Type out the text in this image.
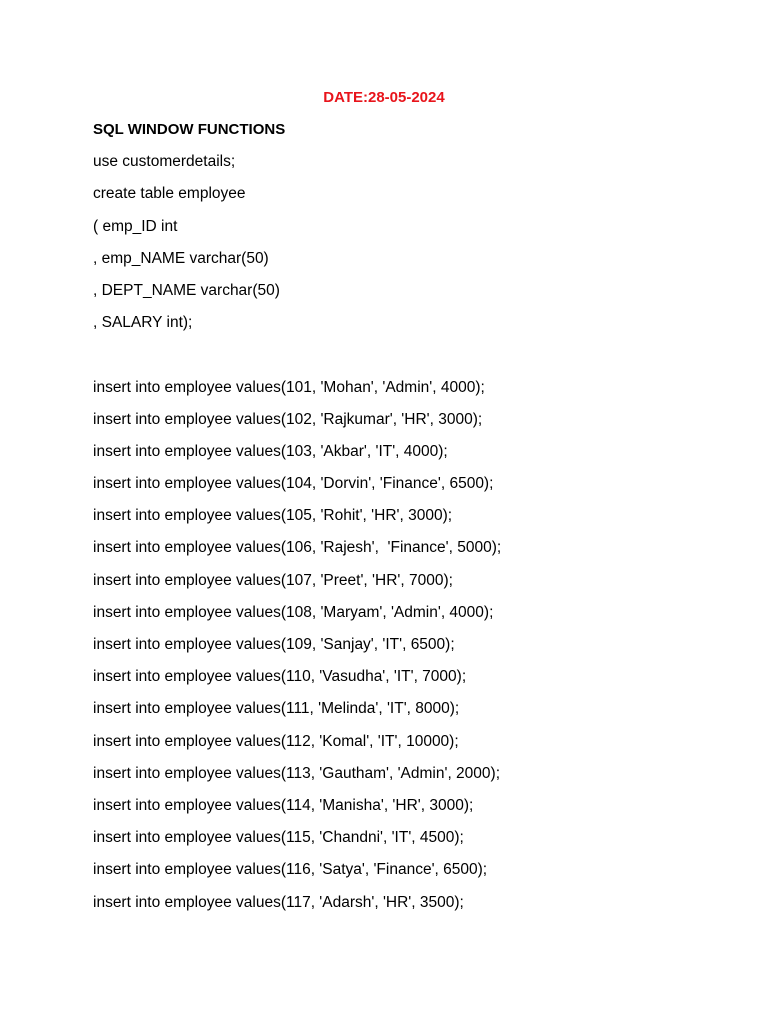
DATE:28-05-2024
SQL WINDOW FUNCTIONS
use customerdetails;
create table employee
( emp_ID int
, emp_NAME varchar(50)
, DEPT_NAME varchar(50)
, SALARY int);
insert into employee values(101, 'Mohan', 'Admin', 4000);
insert into employee values(102, 'Rajkumar', 'HR', 3000);
insert into employee values(103, 'Akbar', 'IT', 4000);
insert into employee values(104, 'Dorvin', 'Finance', 6500);
insert into employee values(105, 'Rohit', 'HR', 3000);
insert into employee values(106, 'Rajesh',  'Finance', 5000);
insert into employee values(107, 'Preet', 'HR', 7000);
insert into employee values(108, 'Maryam', 'Admin', 4000);
insert into employee values(109, 'Sanjay', 'IT', 6500);
insert into employee values(110, 'Vasudha', 'IT', 7000);
insert into employee values(111, 'Melinda', 'IT', 8000);
insert into employee values(112, 'Komal', 'IT', 10000);
insert into employee values(113, 'Gautham', 'Admin', 2000);
insert into employee values(114, 'Manisha', 'HR', 3000);
insert into employee values(115, 'Chandni', 'IT', 4500);
insert into employee values(116, 'Satya', 'Finance', 6500);
insert into employee values(117, 'Adarsh', 'HR', 3500);
